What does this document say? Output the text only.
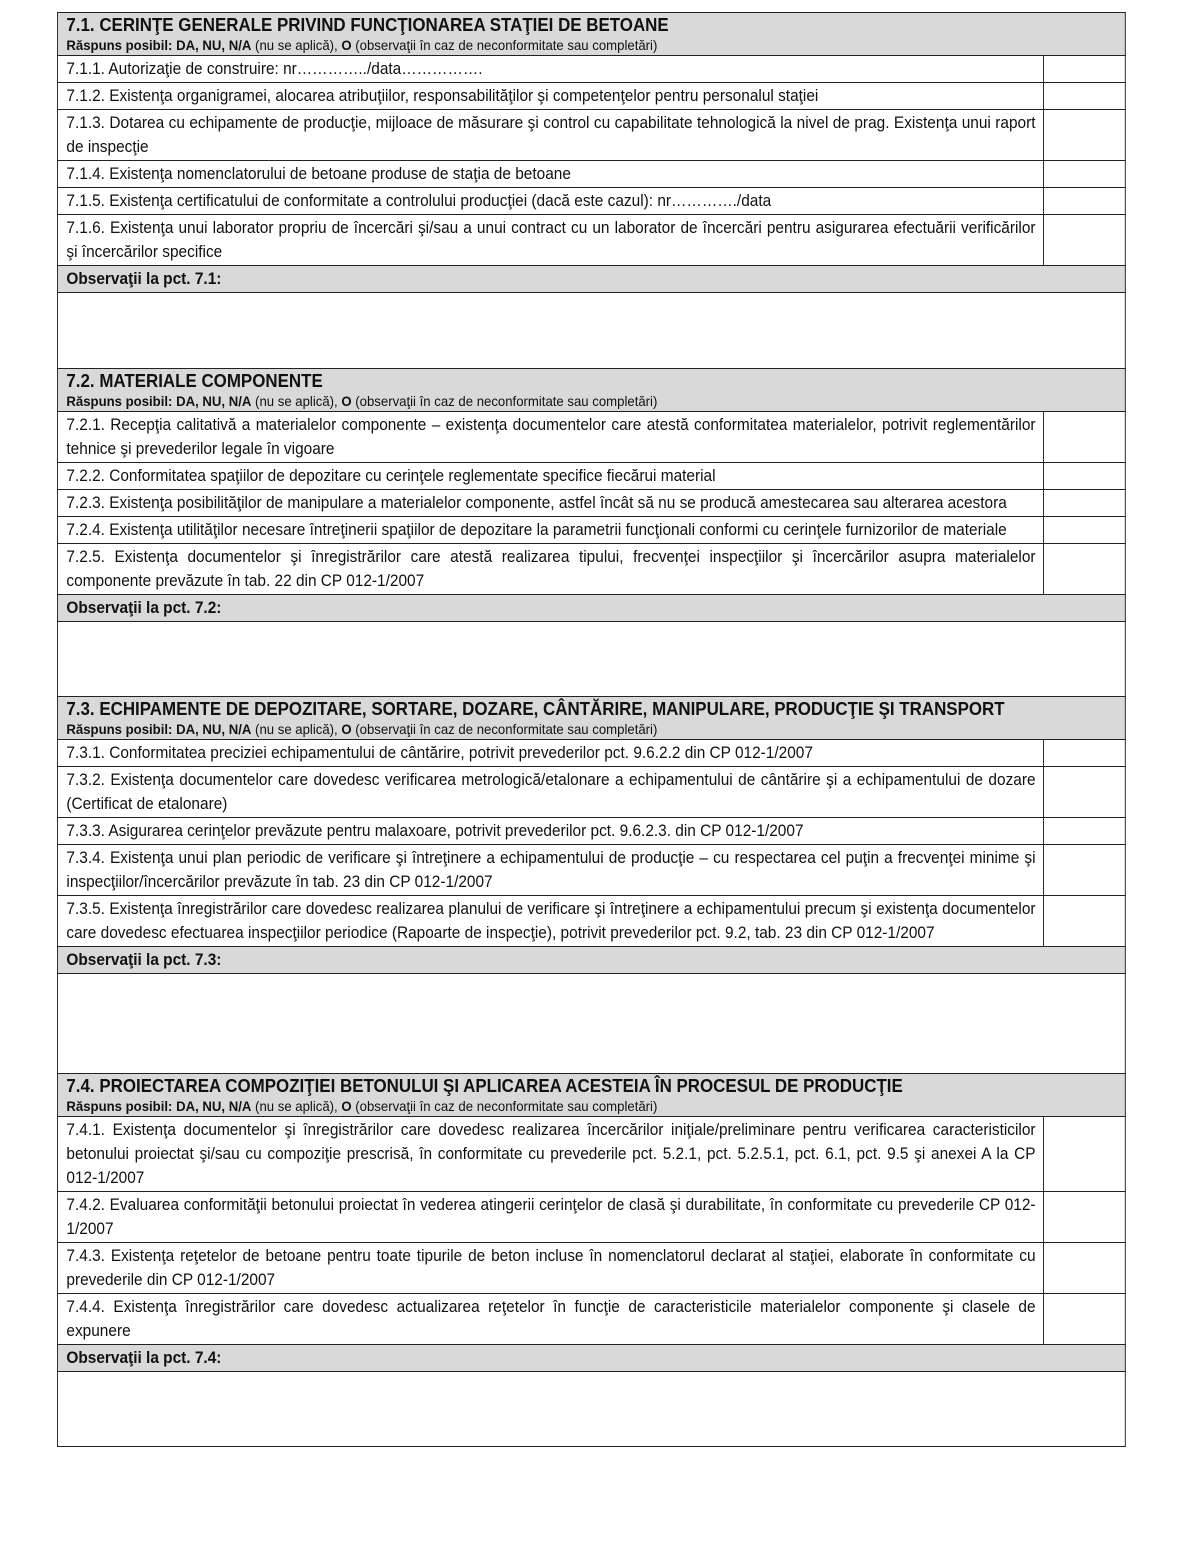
7.1. CERINŢE GENERALE PRIVIND FUNCŢIONAREA STAŢIEI DE BETOANE
Răspuns posibil: DA, NU, N/A (nu se aplică), O (observaţii în caz de neconformitate sau completări)	

7.1.1. Autorizaţie de construire: nr…………../data…………….	
7.1.2. Existenţa organigramei, alocarea atribuţiilor, responsabilităţilor şi competenţelor pentru personalul staţiei	
7.1.3. Dotarea cu echipamente de producţie, mijloace de măsurare şi control cu capabilitate tehnologică la nivel de prag. Existenţa unui raport de inspecţie	
7.1.4. Existenţa nomenclatorului de betoane produse de staţia de betoane	
7.1.5. Existenţa certificatului de conformitate a controlului producţiei (dacă este cazul): nr…………./data	
7.1.6. Existenţa unui laborator propriu de încercări şi/sau a unui contract cu un laborator de încercări pentru asigurarea efectuării verificărilor şi încercărilor specifice	
Observaţii la pct. 7.1:	

7.2. MATERIALE COMPONENTE
Răspuns posibil: DA, NU, N/A (nu se aplică), O (observaţii în caz de neconformitate sau completări)	

7.2.1. Recepţia calitativă a materialelor componente – existenţa documentelor care atestă conformitatea materialelor, potrivit reglementărilor tehnice şi prevederilor legale în vigoare	
7.2.2. Conformitatea spaţiilor de depozitare cu cerinţele reglementate specifice fiecărui material	
7.2.3. Existenţa posibilităţilor de manipulare a materialelor componente, astfel încât să nu se producă amestecarea sau alterarea acestora	
7.2.4. Existenţa utilităţilor necesare întreţinerii spaţiilor de depozitare la parametrii funcţionali conformi cu cerinţele furnizorilor de materiale	
7.2.5. Existenţa documentelor şi înregistrărilor care atestă realizarea tipului, frecvenţei inspecţiilor şi încercărilor asupra materialelor componente prevăzute în tab. 22 din CP 012-1/2007	
Observaţii la pct. 7.2:	

7.3. ECHIPAMENTE DE DEPOZITARE, SORTARE, DOZARE, CÂNTĂRIRE, MANIPULARE, PRODUCŢIE ŞI TRANSPORT
Răspuns posibil: DA, NU, N/A (nu se aplică), O (observaţii în caz de neconformitate sau completări)	

7.3.1. Conformitatea preciziei echipamentului de cântărire, potrivit prevederilor pct. 9.6.2.2 din CP 012-1/2007	
7.3.2. Existenţa documentelor care dovedesc verificarea metrologică/etalonare a echipamentului de cântărire şi a echipamentului de dozare (Certificat de etalonare)	
7.3.3. Asigurarea cerinţelor prevăzute pentru malaxoare, potrivit prevederilor pct. 9.6.2.3. din CP 012-1/2007	
7.3.4. Existenţa unui plan periodic de verificare şi întreţinere a echipamentului de producţie – cu respectarea cel puţin a frecvenţei minime şi inspecţiilor/încercărilor prevăzute în tab. 23 din CP 012-1/2007	
7.3.5. Existenţa înregistrărilor care dovedesc realizarea planului de verificare şi întreţinere a echipamentului precum şi existenţa documentelor care dovedesc efectuarea inspecţiilor periodice (Rapoarte de inspecţie), potrivit prevederilor pct. 9.2, tab. 23 din CP 012-1/2007	
Observaţii la pct. 7.3:	

7.4. PROIECTAREA COMPOZIŢIEI BETONULUI ŞI APLICAREA ACESTEIA ÎN PROCESUL DE PRODUCŢIE
Răspuns posibil: DA, NU, N/A (nu se aplică), O (observaţii în caz de neconformitate sau completări)	

7.4.1. Existenţa documentelor şi înregistrărilor care dovedesc realizarea încercărilor iniţiale/preliminare pentru verificarea caracteristicilor betonului proiectat şi/sau cu compoziţie prescrisă, în conformitate cu prevederile pct. 5.2.1, pct. 5.2.5.1, pct. 6.1, pct. 9.5 şi anexei A la CP 012-1/2007	
7.4.2. Evaluarea conformităţii betonului proiectat în vederea atingerii cerinţelor de clasă şi durabilitate, în conformitate cu prevederile CP 012-1/2007	
7.4.3. Existenţa reţetelor de betoane pentru toate tipurile de beton incluse în nomenclatorul declarat al staţiei, elaborate în conformitate cu prevederile din CP 012-1/2007	
7.4.4. Existenţa înregistrărilor care dovedesc actualizarea reţetelor în funcţie de caracteristicile materialelor componente şi clasele de expunere	
Observaţii la pct. 7.4:	
